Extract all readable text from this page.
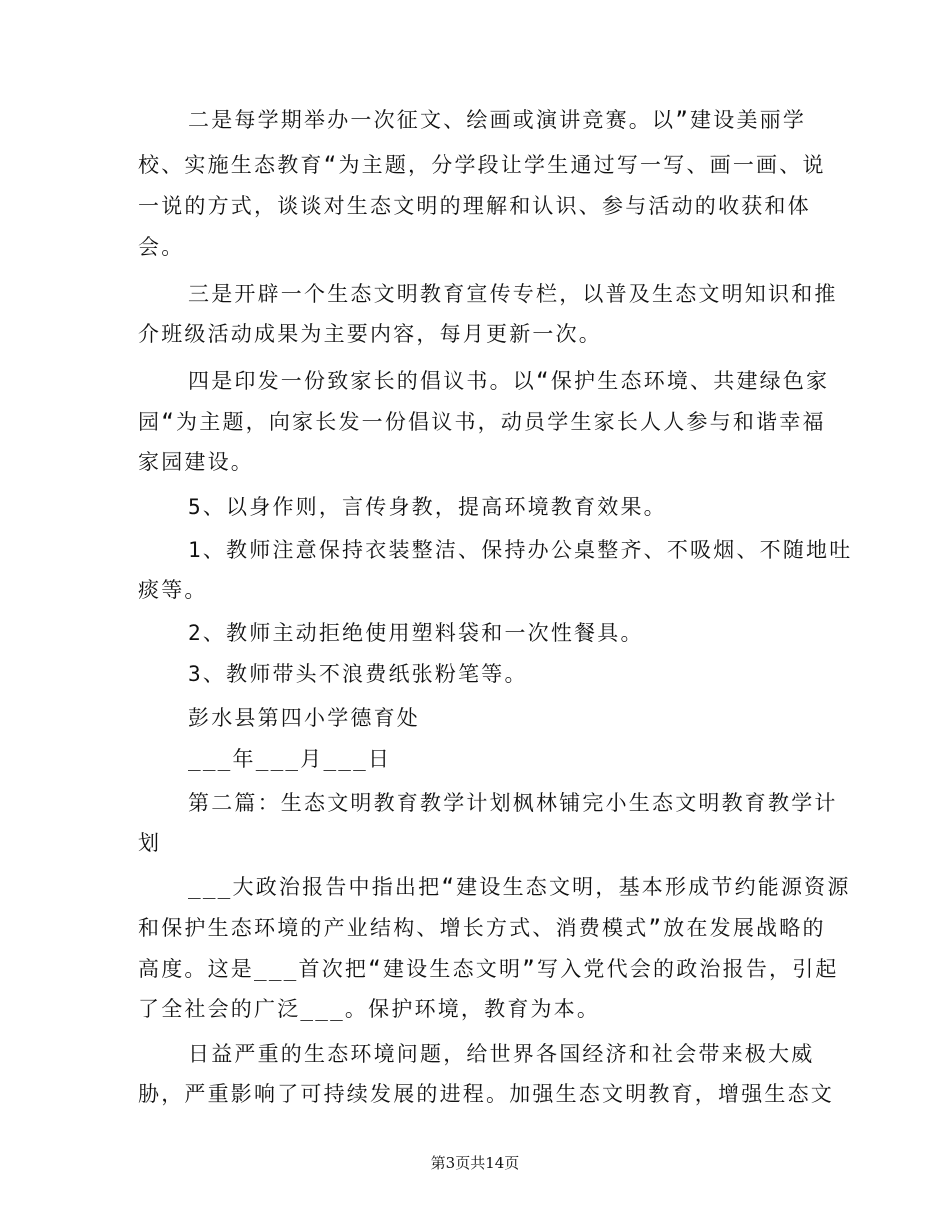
二是每学期举办一次征文、绘画或演讲竞赛。以”建设美丽学
校、实施生态教育“为主题，分学段让学生通过写一写、画一画、说
一说的方式，谈谈对生态文明的理解和认识、参与活动的收获和体
会。
三是开辟一个生态文明教育宣传专栏，以普及生态文明知识和推
介班级活动成果为主要内容，每月更新一次。
四是印发一份致家长的倡议书。以“保护生态环境、共建绿色家
园“为主题，向家长发一份倡议书，动员学生家长人人参与和谐幸福
家园建设。
5、以身作则，言传身教，提高环境教育效果。
1、教师注意保持衣装整洁、保持办公桌整齐、不吸烟、不随地吐
痰等。
2、教师主动拒绝使用塑料袋和一次性餐具。
3、教师带头不浪费纸张粉笔等。
彭水县第四小学德育处
___年___月___日
第二篇：生态文明教育教学计划枫林铺完小生态文明教育教学计
划
___大政治报告中指出把“建设生态文明，基本形成节约能源资源
和保护生态环境的产业结构、增长方式、消费模式”放在发展战略的
高度。这是___首次把“建设生态文明”写入党代会的政治报告，引起
了全社会的广泛___。保护环境，教育为本。
日益严重的生态环境问题，给世界各国经济和社会带来极大威
胁，严重影响了可持续发展的进程。加强生态文明教育，增强生态文
第3页共14页
